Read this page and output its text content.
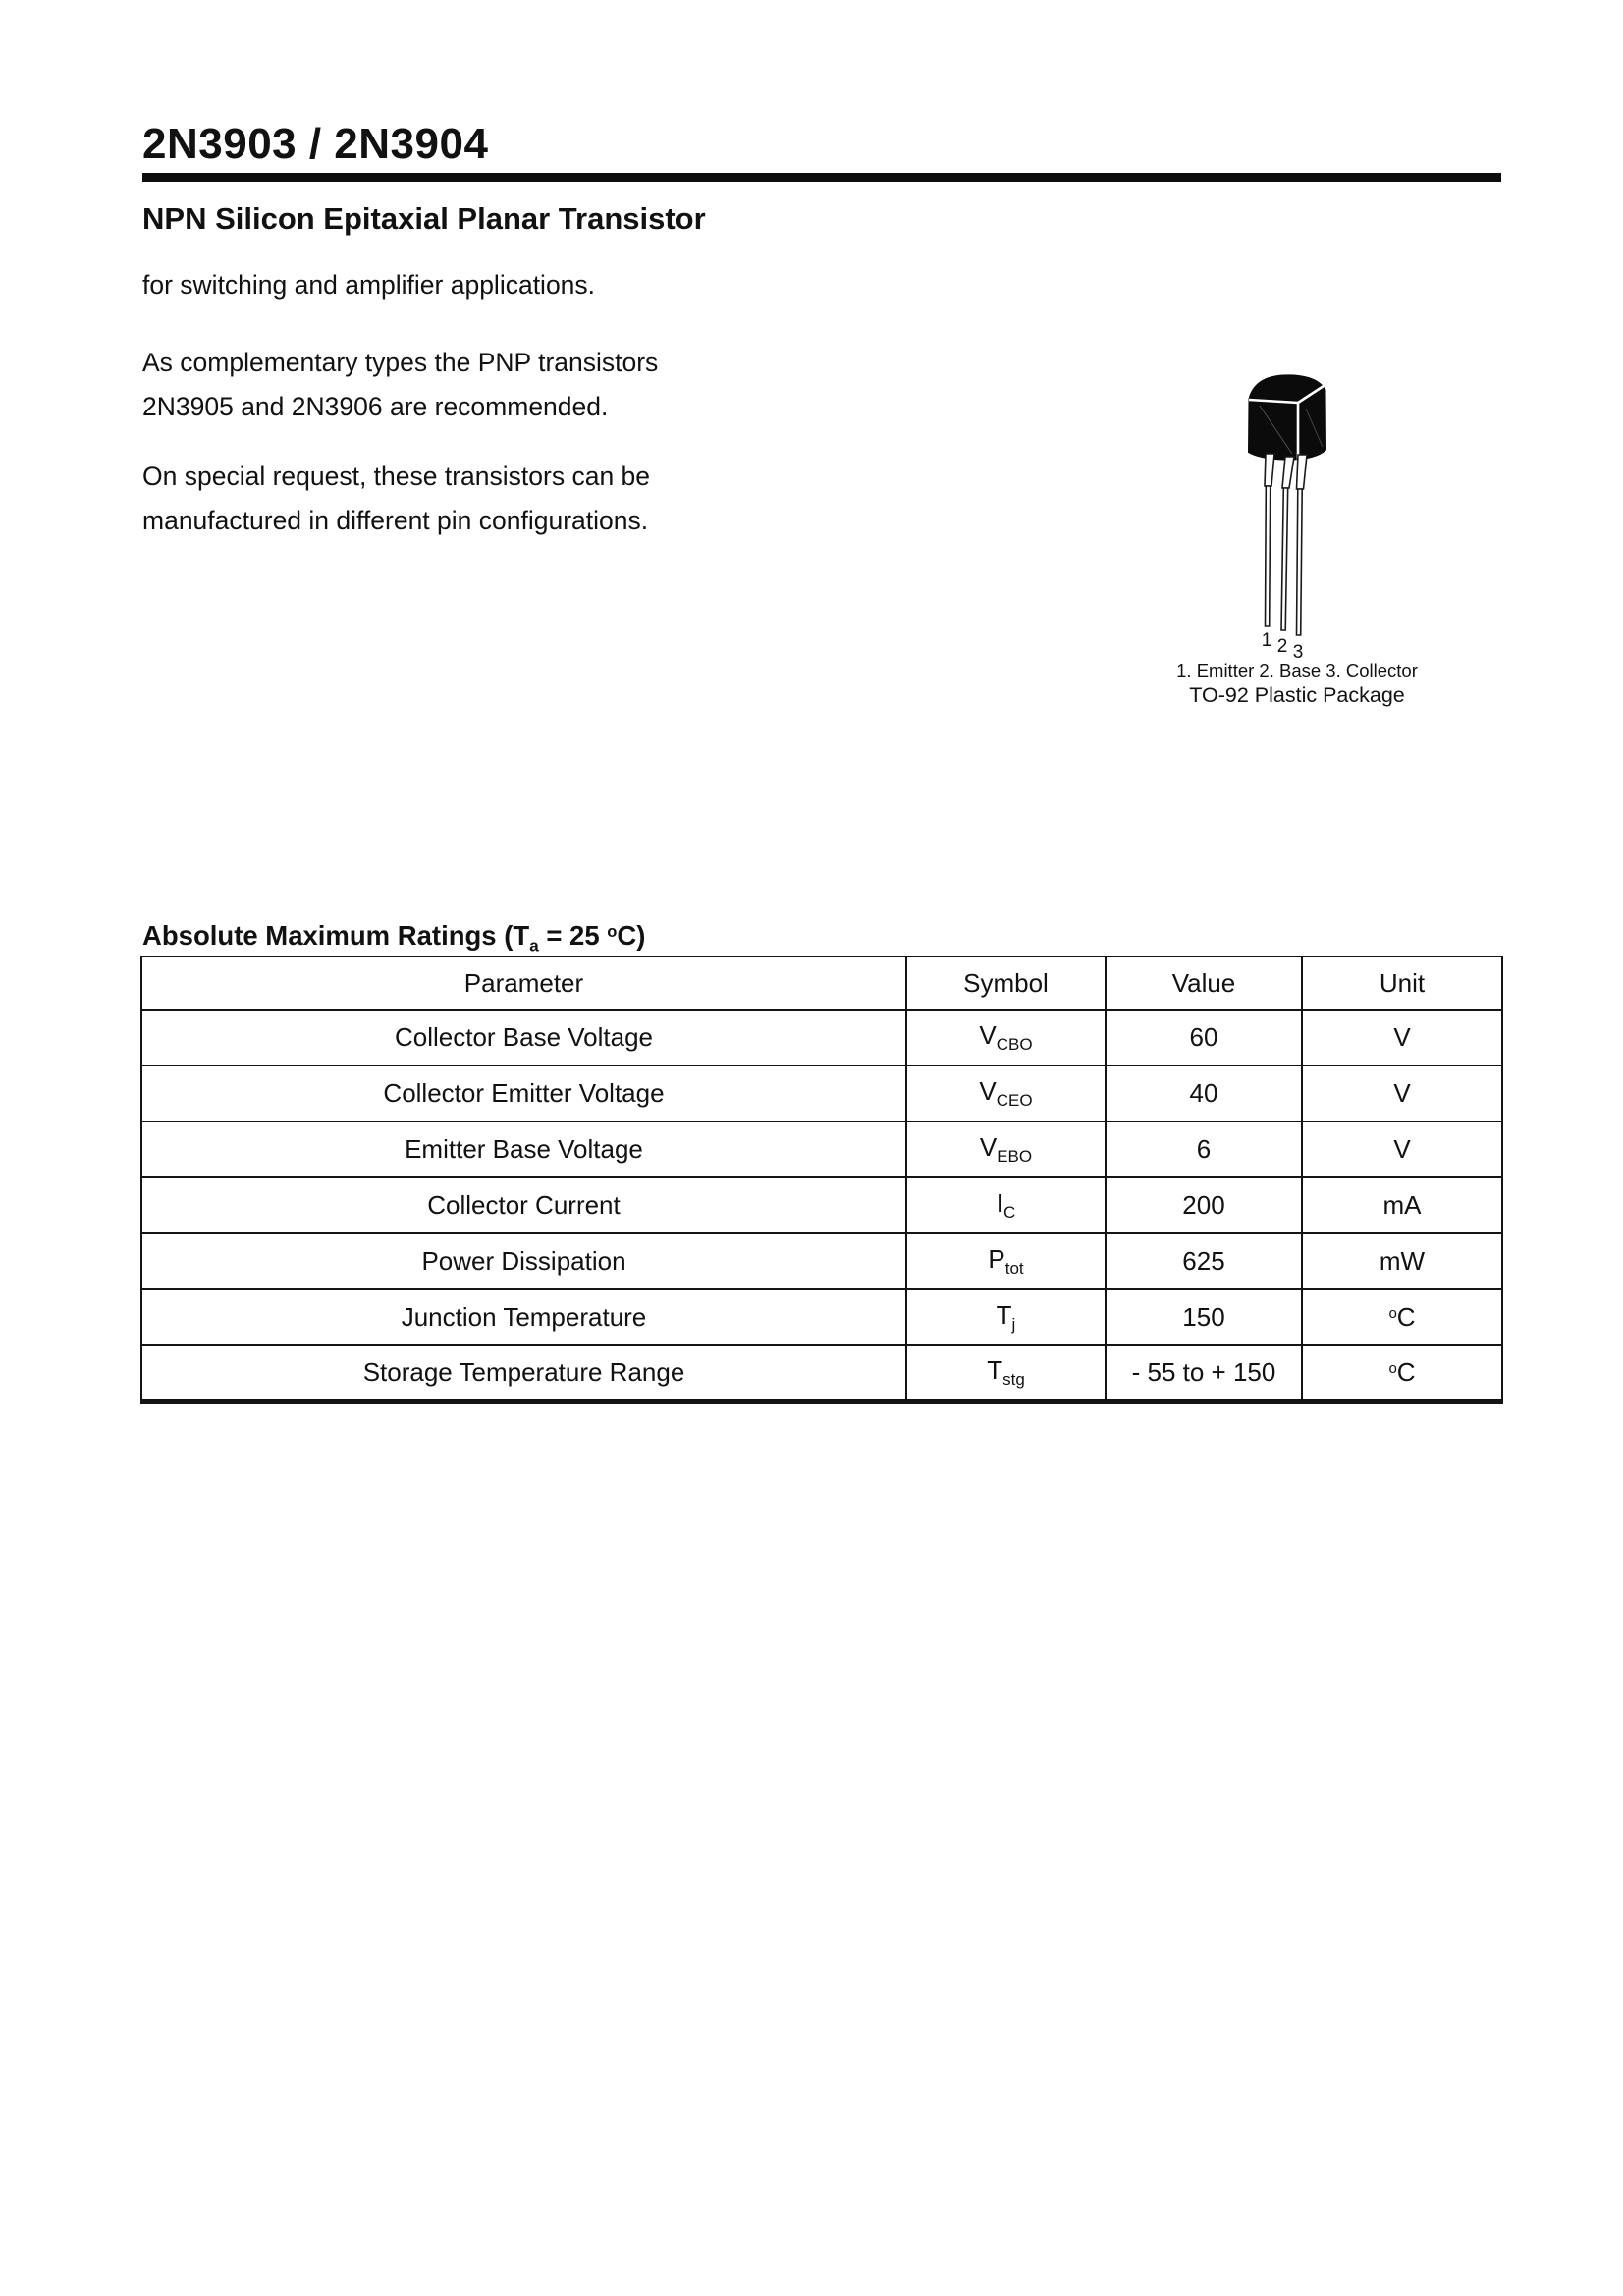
2N3903 / 2N3904
NPN Silicon Epitaxial Planar Transistor
for switching and amplifier applications.
As complementary types the PNP transistors
2N3905 and 2N3906 are recommended.
On special request, these transistors can be
manufactured in different pin configurations.
1 2 3
1. Emitter 2. Base 3. Collector
TO-92 Plastic Package
Absolute Maximum Ratings ($T_a = 25$ $^o$C)
Parameter	Symbol	Value	Unit
Collector Base Voltage	$V_{CBO}$	60	V
Collector Emitter Voltage	$V_{CEO}$	40	V
Emitter Base Voltage	$V_{EBO}$	6	V
Collector Current	$I_C$	200	mA
Power Dissipation	$P_{tot}$	625	mW
Junction Temperature	$T_j$	150	$^o$C
Storage Temperature Range	$T_{stg}$	- 55 to + 150	$^o$C
